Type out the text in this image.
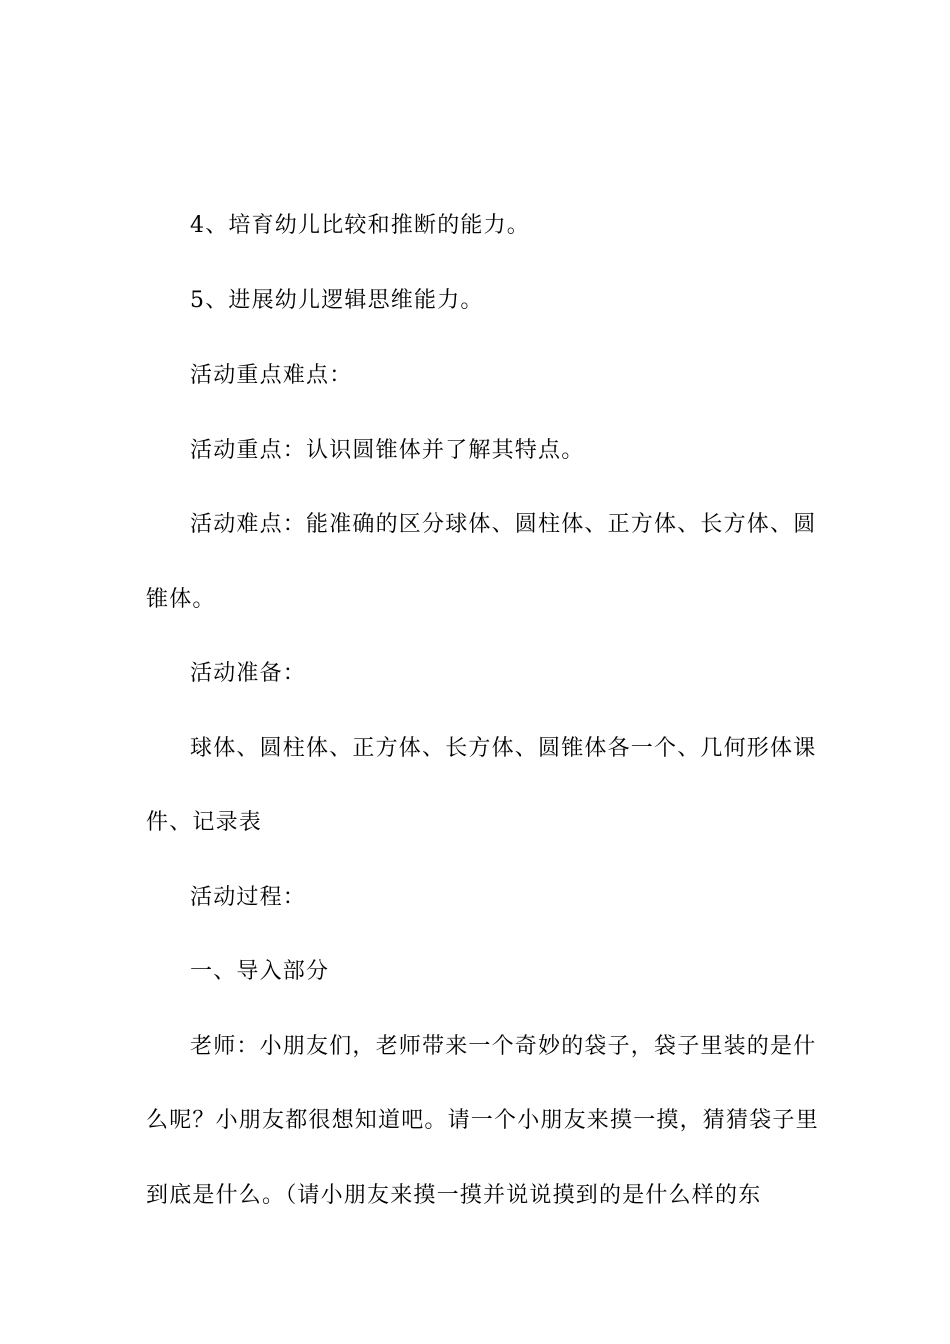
4、培育幼儿比较和推断的能力。
5、进展幼儿逻辑思维能力。
活动重点难点：
活动重点：认识圆锥体并了解其特点。
活动难点：能准确的区分球体、圆柱体、正方体、长方体、圆
锥体。
活动准备：
球体、圆柱体、正方体、长方体、圆锥体各一个、几何形体课
件、记录表
活动过程：
一、导入部分
老师：小朋友们，老师带来一个奇妙的袋子，袋子里装的是什
么呢？小朋友都很想知道吧。请一个小朋友来摸一摸，猜猜袋子里
到底是什么。（请小朋友来摸一摸并说说摸到的是什么样的东
